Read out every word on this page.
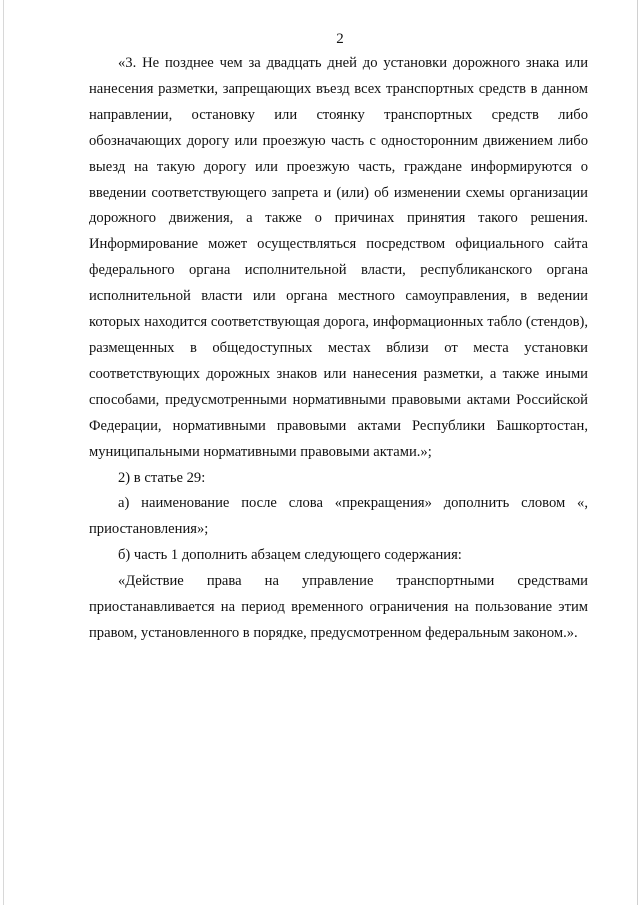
2

«3. Не позднее чем за двадцать дней до установки дорожного знака или нанесения разметки, запрещающих въезд всех транспортных средств в данном направлении, остановку или стоянку транспортных средств либо обозначающих дорогу или проезжую часть с односторонним движением либо выезд на такую дорогу или проезжую часть, граждане информируются о введении соответствующего запрета и (или) об изменении схемы организации дорожного движения, а также о причинах принятия такого решения. Информирование может осуществляться посредством официального сайта федерального органа исполнительной власти, республиканского органа исполнительной власти или органа местного самоуправления, в ведении которых находится соответствующая дорога, информационных табло (стендов), размещенных в общедоступных местах вблизи от места установки соответствующих дорожных знаков или нанесения разметки, а также иными способами, предусмотренными нормативными правовыми актами Российской Федерации, нормативными правовыми актами Республики Башкортостан, муниципальными нормативными правовыми актами.»;

2) в статье 29:

а) наименование после слова «прекращения» дополнить словом «, приостановления»;

б) часть 1 дополнить абзацем следующего содержания:

«Действие права на управление транспортными средствами приостанавливается на период временного ограничения на пользование этим правом, установленного в порядке, предусмотренном федеральным законом.».
